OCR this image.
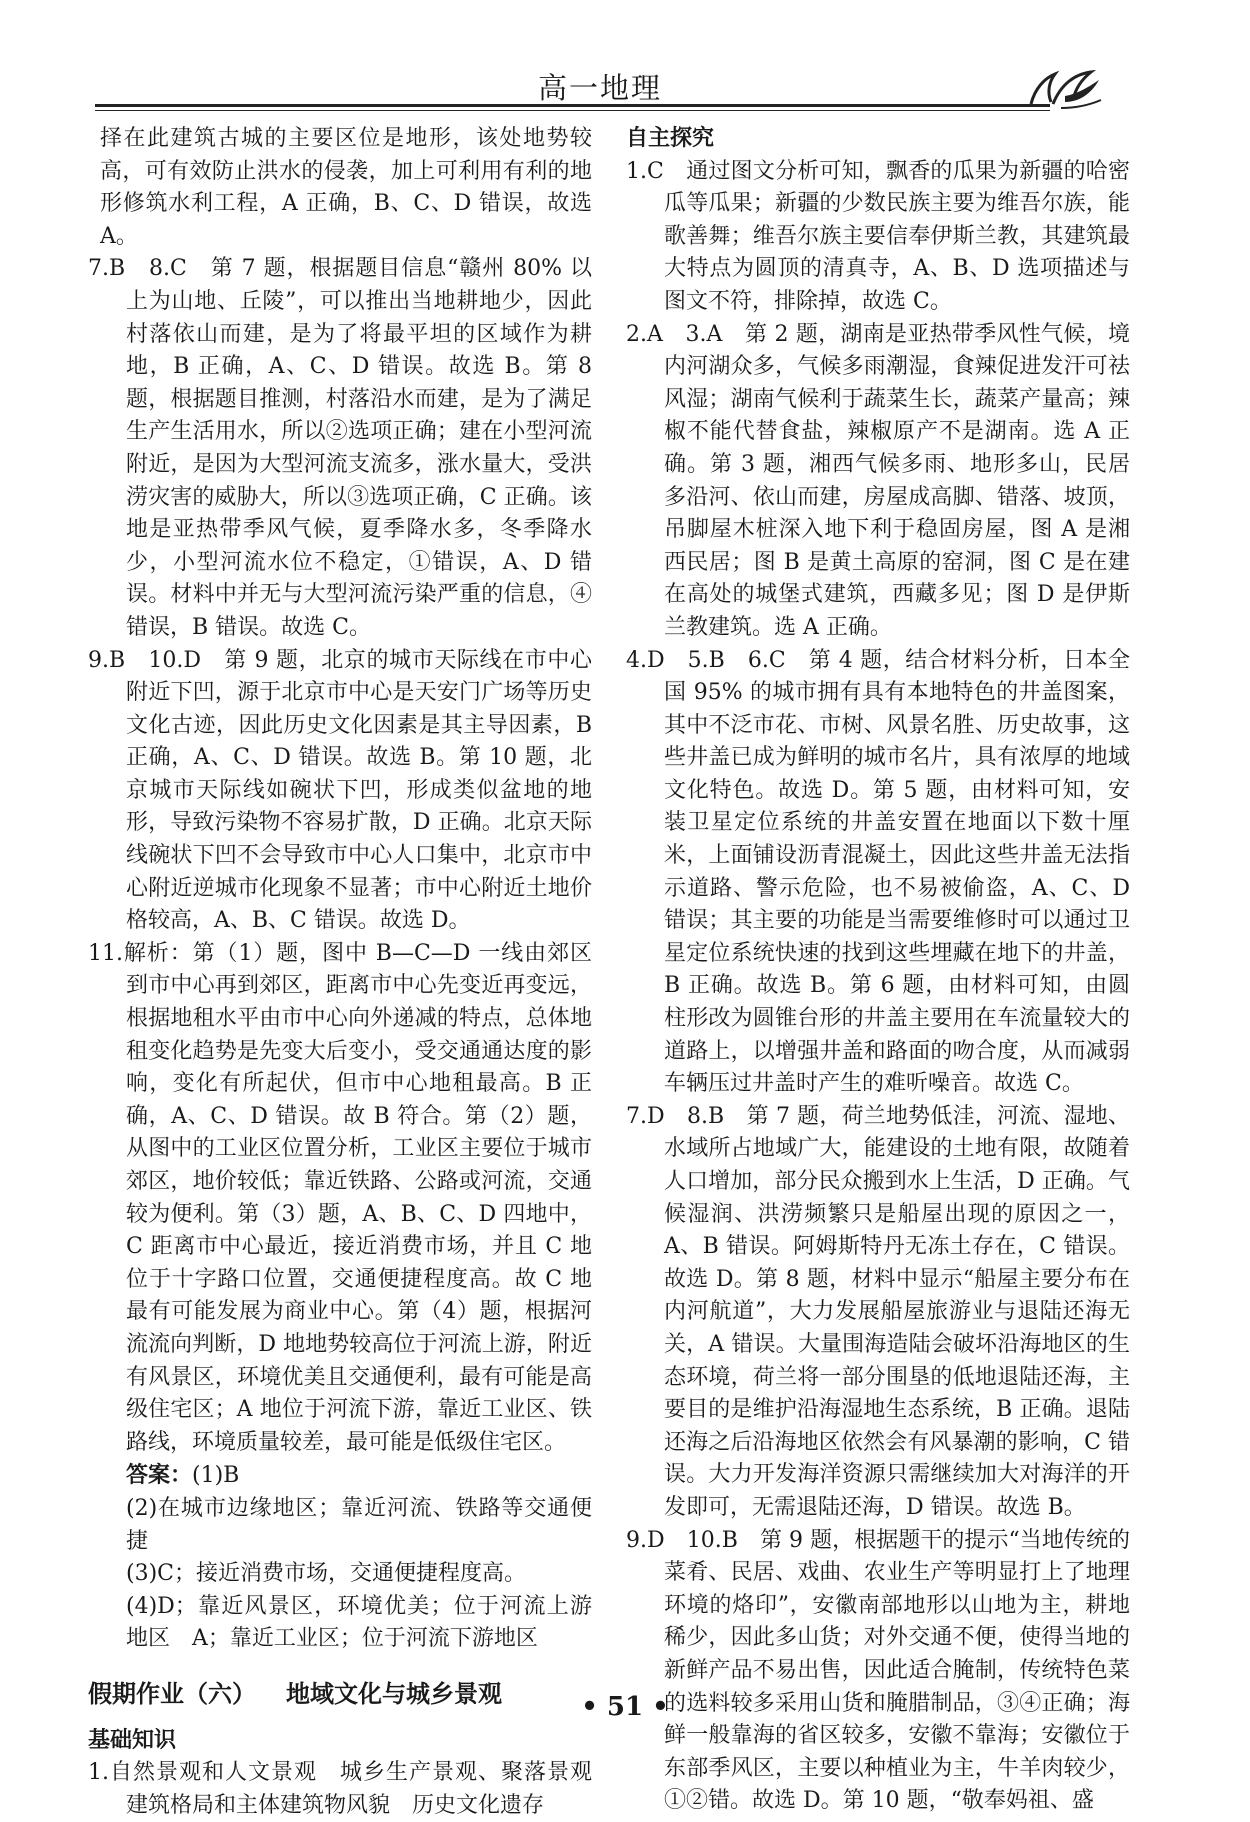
高一地理

择在此建筑古城的主要区位是地形，该处地势较高，可有效防止洪水的侵袭，加上可利用有利的地形修筑水利工程，A 正确，B、C、D 错误，故选 A。

7.B　8.C　第 7 题，根据题目信息“赣州 80% 以上为山地、丘陵”，可以推出当地耕地少，因此村落依山而建，是为了将最平坦的区域作为耕地，B 正确，A、C、D 错误。故选 B。第 8 题，根据题目推测，村落沿水而建，是为了满足生产生活用水，所以②选项正确；建在小型河流附近，是因为大型河流支流多，涨水量大，受洪涝灾害的威胁大，所以③选项正确，C 正确。该地是亚热带季风气候，夏季降水多，冬季降水少，小型河流水位不稳定，①错误，A、D 错误。材料中并无与大型河流污染严重的信息，④错误，B 错误。故选 C。

9.B　10.D　第 9 题，北京的城市天际线在市中心附近下凹，源于北京市中心是天安门广场等历史文化古迹，因此历史文化因素是其主导因素，B 正确，A、C、D 错误。故选 B。第 10 题，北京城市天际线如碗状下凹，形成类似盆地的地形，导致污染物不容易扩散，D 正确。北京天际线碗状下凹不会导致市中心人口集中，北京市中心附近逆城市化现象不显著；市中心附近土地价格较高，A、B、C 错误。故选 D。

11.解析：第（1）题，图中 B—C—D 一线由郊区到市中心再到郊区，距离市中心先变近再变远，根据地租水平由市中心向外递减的特点，总体地租变化趋势是先变大后变小，受交通通达度的影响，变化有所起伏，但市中心地租最高。B 正确，A、C、D 错误。故 B 符合。第（2）题，从图中的工业区位置分析，工业区主要位于城市郊区，地价较低；靠近铁路、公路或河流，交通较为便利。第（3）题，A、B、C、D 四地中，C 距离市中心最近，接近消费市场，并且 C 地位于十字路口位置，交通便捷程度高。故 C 地最有可能发展为商业中心。第（4）题，根据河流流向判断，D 地地势较高位于河流上游，附近有风景区，环境优美且交通便利，最有可能是高级住宅区；A 地位于河流下游，靠近工业区、铁路线，环境质量较差，最可能是低级住宅区。

答案：(1)B

(2)在城市边缘地区；靠近河流、铁路等交通便捷

(3)C；接近消费市场，交通便捷程度高。

(4)D；靠近风景区，环境优美；位于河流上游地区　A；靠近工业区；位于河流下游地区

假期作业（六） 地域文化与城乡景观

基础知识

1.自然景观和人文景观　城乡生产景观、聚落景观　建筑格局和主体建筑物风貌　历史文化遗存

自主探究

1.C　通过图文分析可知，飘香的瓜果为新疆的哈密瓜等瓜果；新疆的少数民族主要为维吾尔族，能歌善舞；维吾尔族主要信奉伊斯兰教，其建筑最大特点为圆顶的清真寺，A、B、D 选项描述与图文不符，排除掉，故选 C。

2.A　3.A　第 2 题，湖南是亚热带季风性气候，境内河湖众多，气候多雨潮湿，食辣促进发汗可祛风湿；湖南气候利于蔬菜生长，蔬菜产量高；辣椒不能代替食盐，辣椒原产不是湖南。选 A 正确。第 3 题，湘西气候多雨、地形多山，民居多沿河、依山而建，房屋成高脚、错落、坡顶，吊脚屋木桩深入地下利于稳固房屋，图 A 是湘西民居；图 B 是黄土高原的窑洞，图 C 是在建在高处的城堡式建筑，西藏多见；图 D 是伊斯兰教建筑。选 A 正确。

4.D　5.B　6.C　第 4 题，结合材料分析，日本全国 95% 的城市拥有具有本地特色的井盖图案，其中不泛市花、市树、风景名胜、历史故事，这些井盖已成为鲜明的城市名片，具有浓厚的地域文化特色。故选 D。第 5 题，由材料可知，安装卫星定位系统的井盖安置在地面以下数十厘米，上面铺设沥青混凝土，因此这些井盖无法指示道路、警示危险，也不易被偷盗，A、C、D 错误；其主要的功能是当需要维修时可以通过卫星定位系统快速的找到这些埋藏在地下的井盖，B 正确。故选 B。第 6 题，由材料可知，由圆柱形改为圆锥台形的井盖主要用在车流量较大的道路上，以增强井盖和路面的吻合度，从而减弱车辆压过井盖时产生的难听噪音。故选 C。

7.D　8.B　第 7 题，荷兰地势低洼，河流、湿地、水域所占地域广大，能建设的土地有限，故随着人口增加，部分民众搬到水上生活，D 正确。气候湿润、洪涝频繁只是船屋出现的原因之一，A、B 错误。阿姆斯特丹无冻土存在，C 错误。故选 D。第 8 题，材料中显示“船屋主要分布在内河航道”，大力发展船屋旅游业与退陆还海无关，A 错误。大量围海造陆会破坏沿海地区的生态环境，荷兰将一部分围垦的低地退陆还海，主要目的是维护沿海湿地生态系统，B 正确。退陆还海之后沿海地区依然会有风暴潮的影响，C 错误。大力开发海洋资源只需继续加大对海洋的开发即可，无需退陆还海，D 错误。故选 B。

9.D　10.B　第 9 题，根据题干的提示“当地传统的菜肴、民居、戏曲、农业生产等明显打上了地理环境的烙印”，安徽南部地形以山地为主，耕地稀少，因此多山货；对外交通不便，使得当地的新鲜产品不易出售，因此适合腌制，传统特色菜的选料较多采用山货和腌腊制品，③④正确；海鲜一般靠海的省区较多，安徽不靠海；安徽位于东部季风区，主要以种植业为主，牛羊肉较少，①②错。故选 D。第 10 题，“敬奉妈祖、盛

• 51 •
